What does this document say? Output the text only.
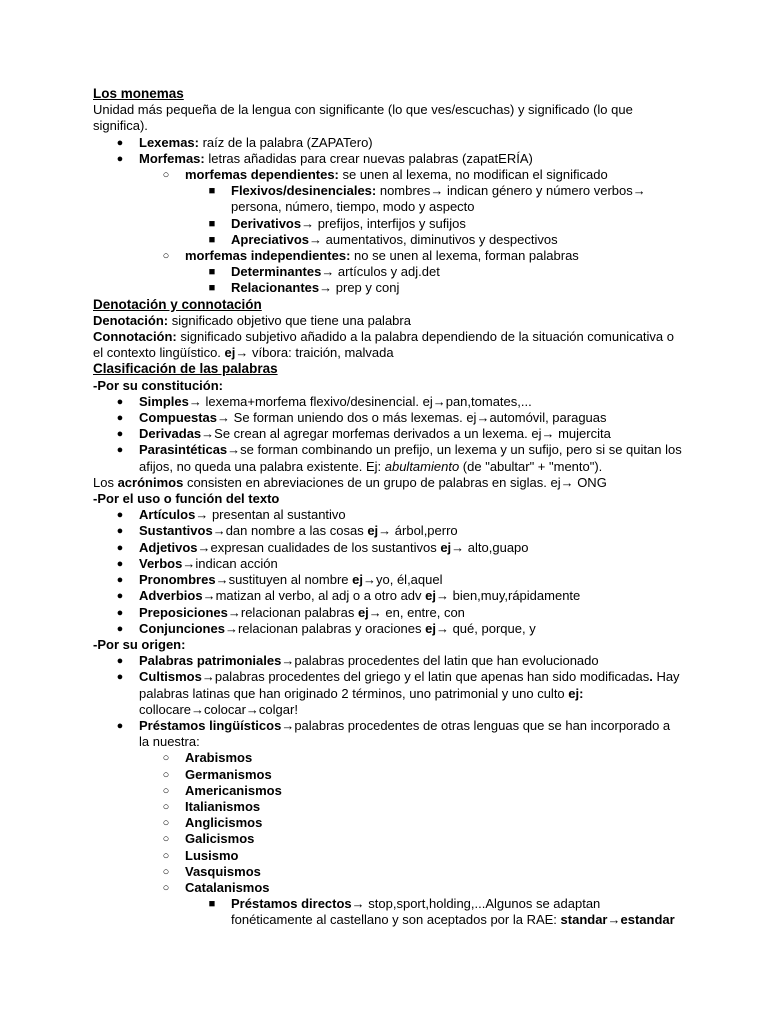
Los monemas
Unidad más pequeña de la lengua con significante (lo que ves/escuchas) y significado (lo que significa).
● Lexemas: raíz de la palabra (ZAPATero)
● Morfemas: letras añadidas para crear nuevas palabras (zapatERÍA)
○ morfemas dependientes: se unen al lexema, no modifican el significado
■ Flexivos/desinenciales: nombres→ indican género y número verbos→ persona, número, tiempo, modo y aspecto
■ Derivativos→ prefijos, interfijos y sufijos
■ Apreciativos→ aumentativos, diminutivos y despectivos
○ morfemas independientes: no se unen al lexema, forman palabras
■ Determinantes→ artículos y adj.det
■ Relacionantes→ prep y conj
Denotación y connotación
Denotación: significado objetivo que tiene una palabra
Connotación: significado subjetivo añadido a la palabra dependiendo de la situación comunicativa o el contexto lingüístico. ej→ víbora: traición, malvada
Clasificación de las palabras
-Por su constitución:
● Simples→ lexema+morfema flexivo/desinencial. ej→pan,tomates,...
● Compuestas→ Se forman uniendo dos o más lexemas. ej→automóvil, paraguas
● Derivadas→Se crean al agregar morfemas derivados a un lexema. ej→ mujercita
● Parasintéticas→se forman combinando un prefijo, un lexema y un sufijo, pero si se quitan los afijos, no queda una palabra existente. Ej: abultamiento (de "abultar" + "mento").
Los acrónimos consisten en abreviaciones de un grupo de palabras en siglas. ej→ ONG
-Por el uso o función del texto
● Artículos→ presentan al sustantivo
● Sustantivos→dan nombre a las cosas ej→ árbol,perro
● Adjetivos→expresan cualidades de los sustantivos ej→ alto,guapo
● Verbos→indican acción
● Pronombres→sustituyen al nombre ej→yo, él,aquel
● Adverbios→matizan al verbo, al adj o a otro adv ej→ bien,muy,rápidamente
● Preposiciones→relacionan palabras ej→ en, entre, con
● Conjunciones→relacionan palabras y oraciones ej→ qué, porque, y
-Por su origen:
● Palabras patrimoniales→palabras procedentes del latin que han evolucionado
● Cultismos→palabras procedentes del griego y el latin que apenas han sido modificadas. Hay palabras latinas que han originado 2 términos, uno patrimonial y uno culto ej: collocare→colocar→colgar!
● Préstamos lingüísticos→palabras procedentes de otras lenguas que se han incorporado a la nuestra:
○ Arabismos
○ Germanismos
○ Americanismos
○ Italianismos
○ Anglicismos
○ Galicismos
○ Lusismo
○ Vasquismos
○ Catalanismos
■ Préstamos directos→ stop,sport,holding,...Algunos se adaptan fonéticamente al castellano y son aceptados por la RAE: standar→estandar
